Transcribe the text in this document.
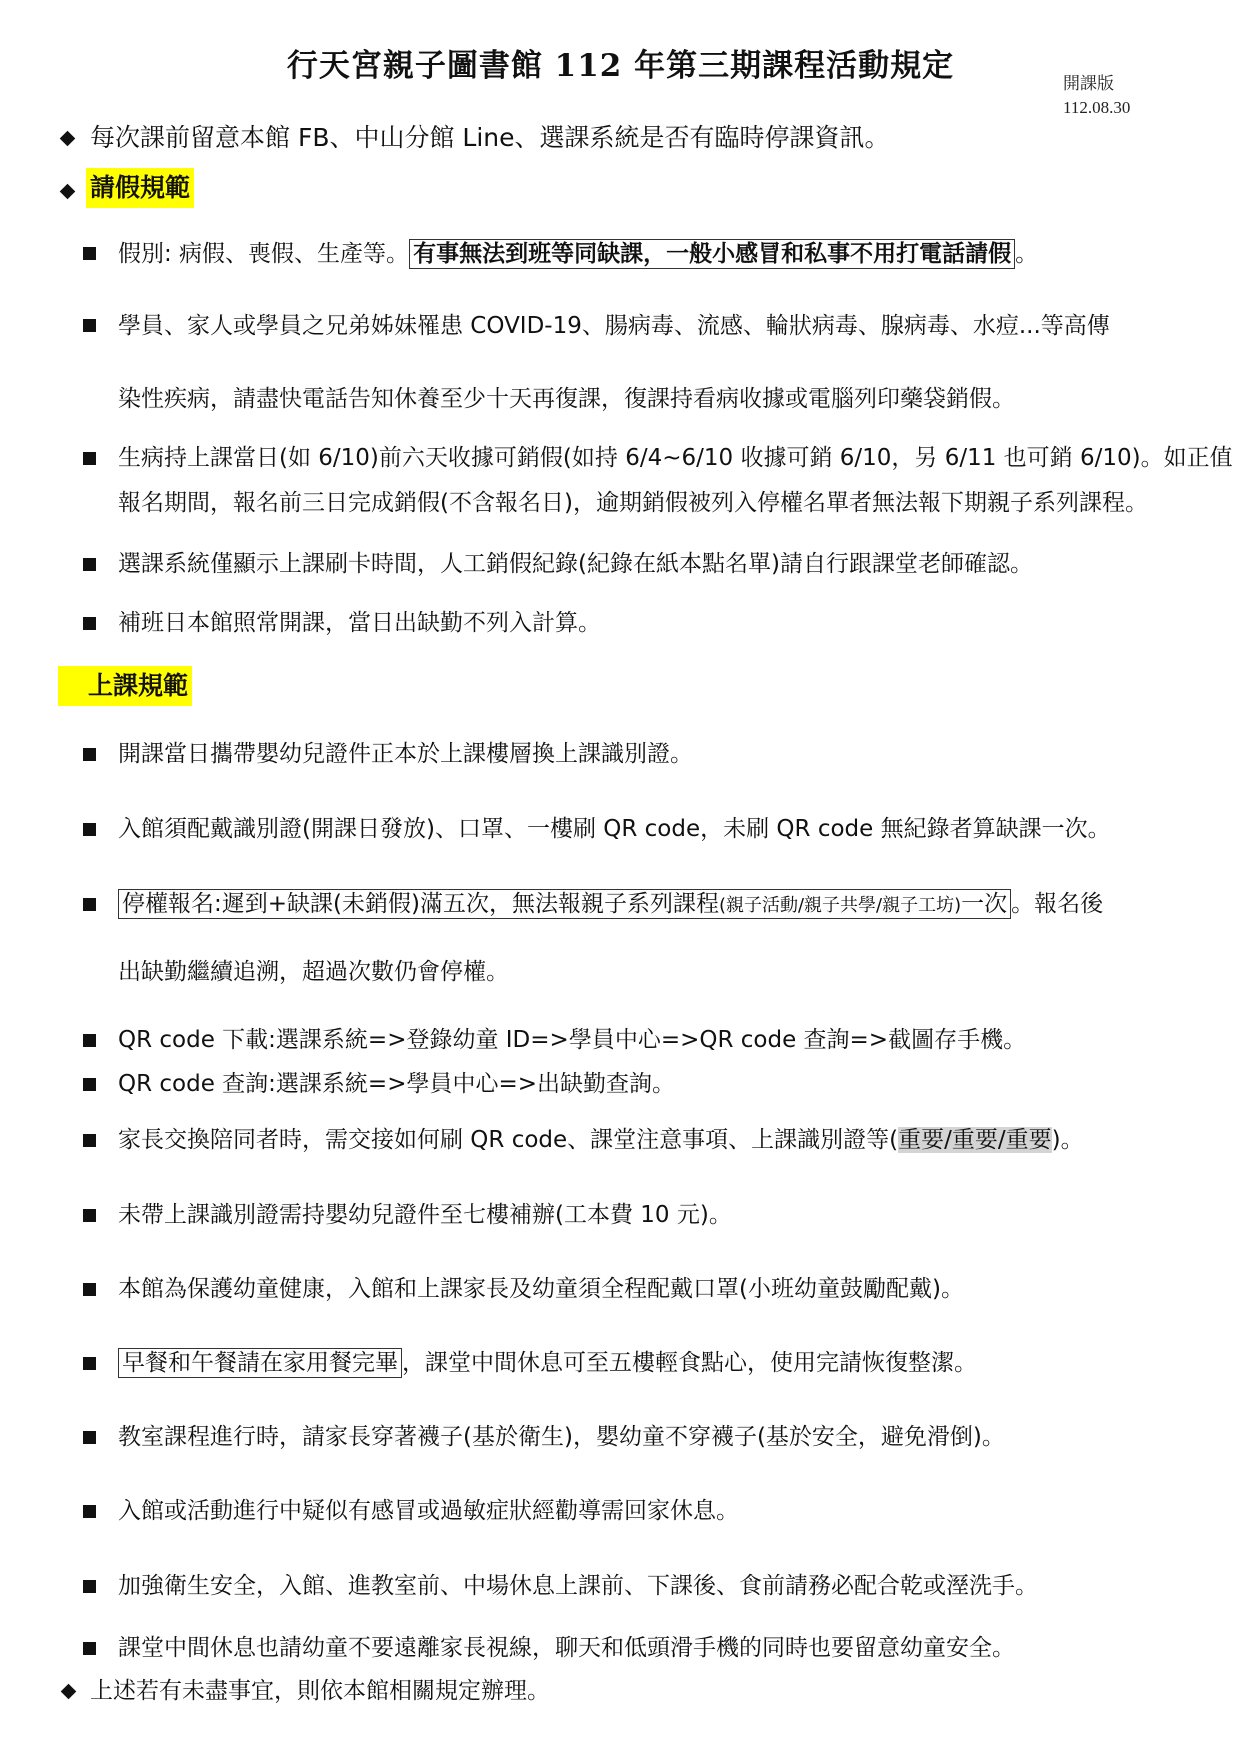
行天宮親子圖書館 112 年第三期課程活動規定	開課版
112.08.30
每次課前留意本館 FB、中山分館 Line、選課系統是否有臨時停課資訊。
請假規範
假別: 病假、喪假、生產等。 有事無法到班等同缺課，一般小感冒和私事不用打電話請假 。
學員、家人或學員之兄弟姊妹罹患 COVID-19、腸病毒、流感、輪狀病毒、腺病毒、水痘...等高傳
染性疾病，請盡快電話告知休養至少十天再復課，復課持看病收據或電腦列印藥袋銷假。
生病持上課當日(如 6/10)前六天收據可銷假(如持 6/4~6/10 收據可銷 6/10，另 6/11 也可銷 6/10)。如正值
報名期間，報名前三日完成銷假(不含報名日)，逾期銷假被列入停權名單者無法報下期親子系列課程。
選課系統僅顯示上課刷卡時間，人工銷假紀錄(紀錄在紙本點名單)請自行跟課堂老師確認。
補班日本館照常開課，當日出缺勤不列入計算。
上課規範
開課當日攜帶嬰幼兒證件正本於上課樓層換上課識別證。
入館須配戴識別證(開課日發放)、口罩、一樓刷 QR code，未刷 QR code 無紀錄者算缺課一次。
停權報名:遲到+缺課(未銷假)滿五次，無法報親子系列課程(親子活動/親子共學/親子工坊)一次 。報名後
出缺勤繼續追溯，超過次數仍會停權。
QR code 下載:選課系統=>登錄幼童 ID=>學員中心=>QR code 查詢=>截圖存手機。
QR code 查詢:選課系統=>學員中心=>出缺勤查詢。
家長交換陪同者時，需交接如何刷 QR code、課堂注意事項、上課識別證等(重要/重要/重要)。
未帶上課識別證需持嬰幼兒證件至七樓補辦(工本費 10 元)。
本館為保護幼童健康，入館和上課家長及幼童須全程配戴口罩(小班幼童鼓勵配戴)。
早餐和午餐請在家用餐完畢 ，課堂中間休息可至五樓輕食點心，使用完請恢復整潔。
教室課程進行時，請家長穿著襪子(基於衛生)，嬰幼童不穿襪子(基於安全，避免滑倒)。
入館或活動進行中疑似有感冒或過敏症狀經勸導需回家休息。
加強衛生安全，入館、進教室前、中場休息上課前、下課後、食前請務必配合乾或溼洗手。
課堂中間休息也請幼童不要遠離家長視線，聊天和低頭滑手機的同時也要留意幼童安全。
上述若有未盡事宜，則依本館相關規定辦理。
